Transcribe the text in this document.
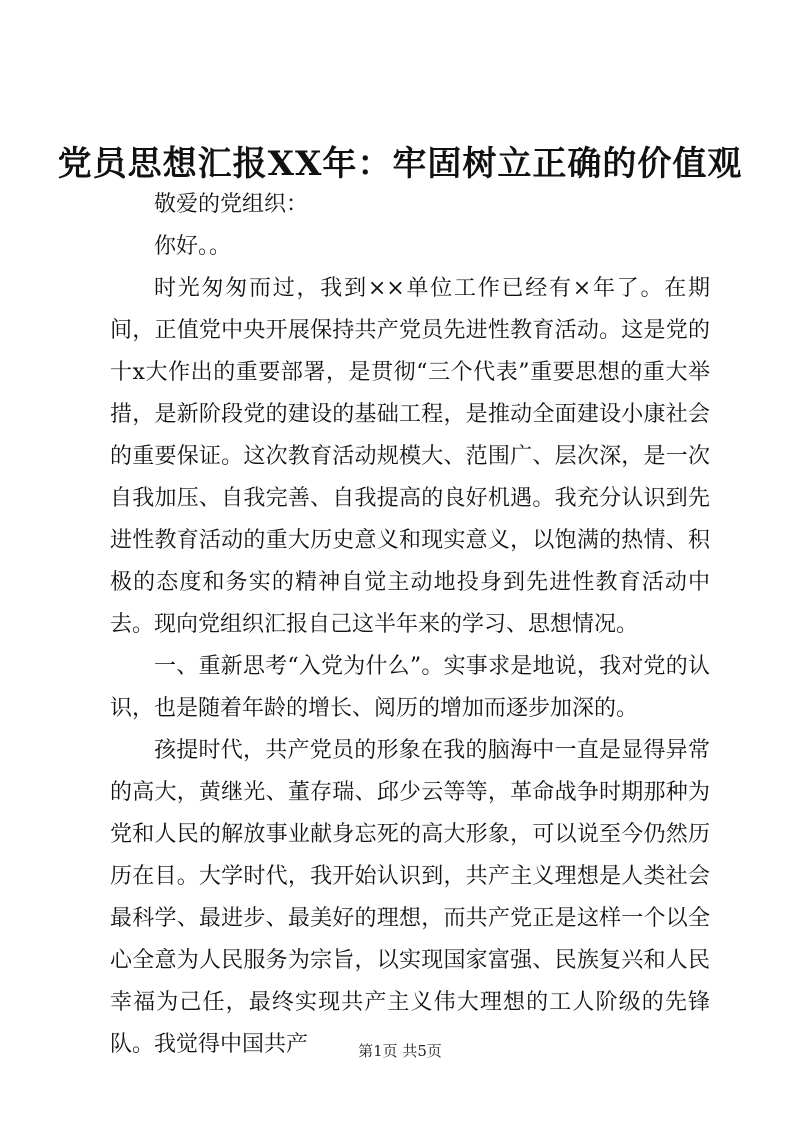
党员思想汇报XX年：牢固树立正确的价值观

敬爱的党组织：

你好。。

时光匆匆而过，我到××单位工作已经有×年了。在期间，正值党中央开展保持共产党员先进性教育活动。这是党的十x大作出的重要部署，是贯彻“三个代表”重要思想的重大举措，是新阶段党的建设的基础工程，是推动全面建设小康社会的重要保证。这次教育活动规模大、范围广、层次深，是一次自我加压、自我完善、自我提高的良好机遇。我充分认识到先进性教育活动的重大历史意义和现实意义，以饱满的热情、积极的态度和务实的精神自觉主动地投身到先进性教育活动中去。现向党组织汇报自己这半年来的学习、思想情况。

一、重新思考“入党为什么”。实事求是地说，我对党的认识，也是随着年龄的增长、阅历的增加而逐步加深的。

孩提时代，共产党员的形象在我的脑海中一直是显得异常的高大，黄继光、董存瑞、邱少云等等，革命战争时期那种为党和人民的解放事业献身忘死的高大形象，可以说至今仍然历历在目。大学时代，我开始认识到，共产主义理想是人类社会最科学、最进步、最美好的理想，而共产党正是这样一个以全心全意为人民服务为宗旨，以实现国家富强、民族复兴和人民幸福为己任，最终实现共产主义伟大理想的工人阶级的先锋队。我觉得中国共产	第1页 共5页
